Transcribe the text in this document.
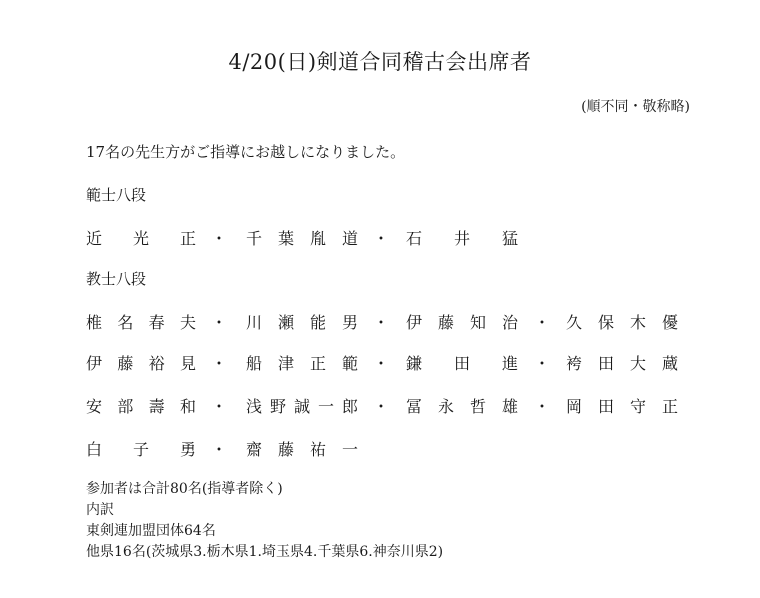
4/20(日)剣道合同稽古会出席者
(順不同・敬称略)
17名の先生方がご指導にお越しになりました。
範士八段
近 光 正 ・ 千 葉 胤 道 ・ 石 井 猛
教士八段
椎 名 春 夫 ・ 川 瀬 能 男 ・ 伊 藤 知 治 ・ 久 保 木 優
伊 藤 裕 見 ・ 船 津 正 範 ・ 鎌 田 進 ・ 袴 田 大 蔵
安 部 壽 和 ・ 浅 野 誠 一 郎 ・ 冨 永 哲 雄 ・ 岡 田 守 正
白 子 勇 ・ 齋 藤 祐 一
参加者は合計80名(指導者除く)
内訳
東剣連加盟団体64名
他県16名(茨城県3.栃木県1.埼玉県4.千葉県6.神奈川県2)
